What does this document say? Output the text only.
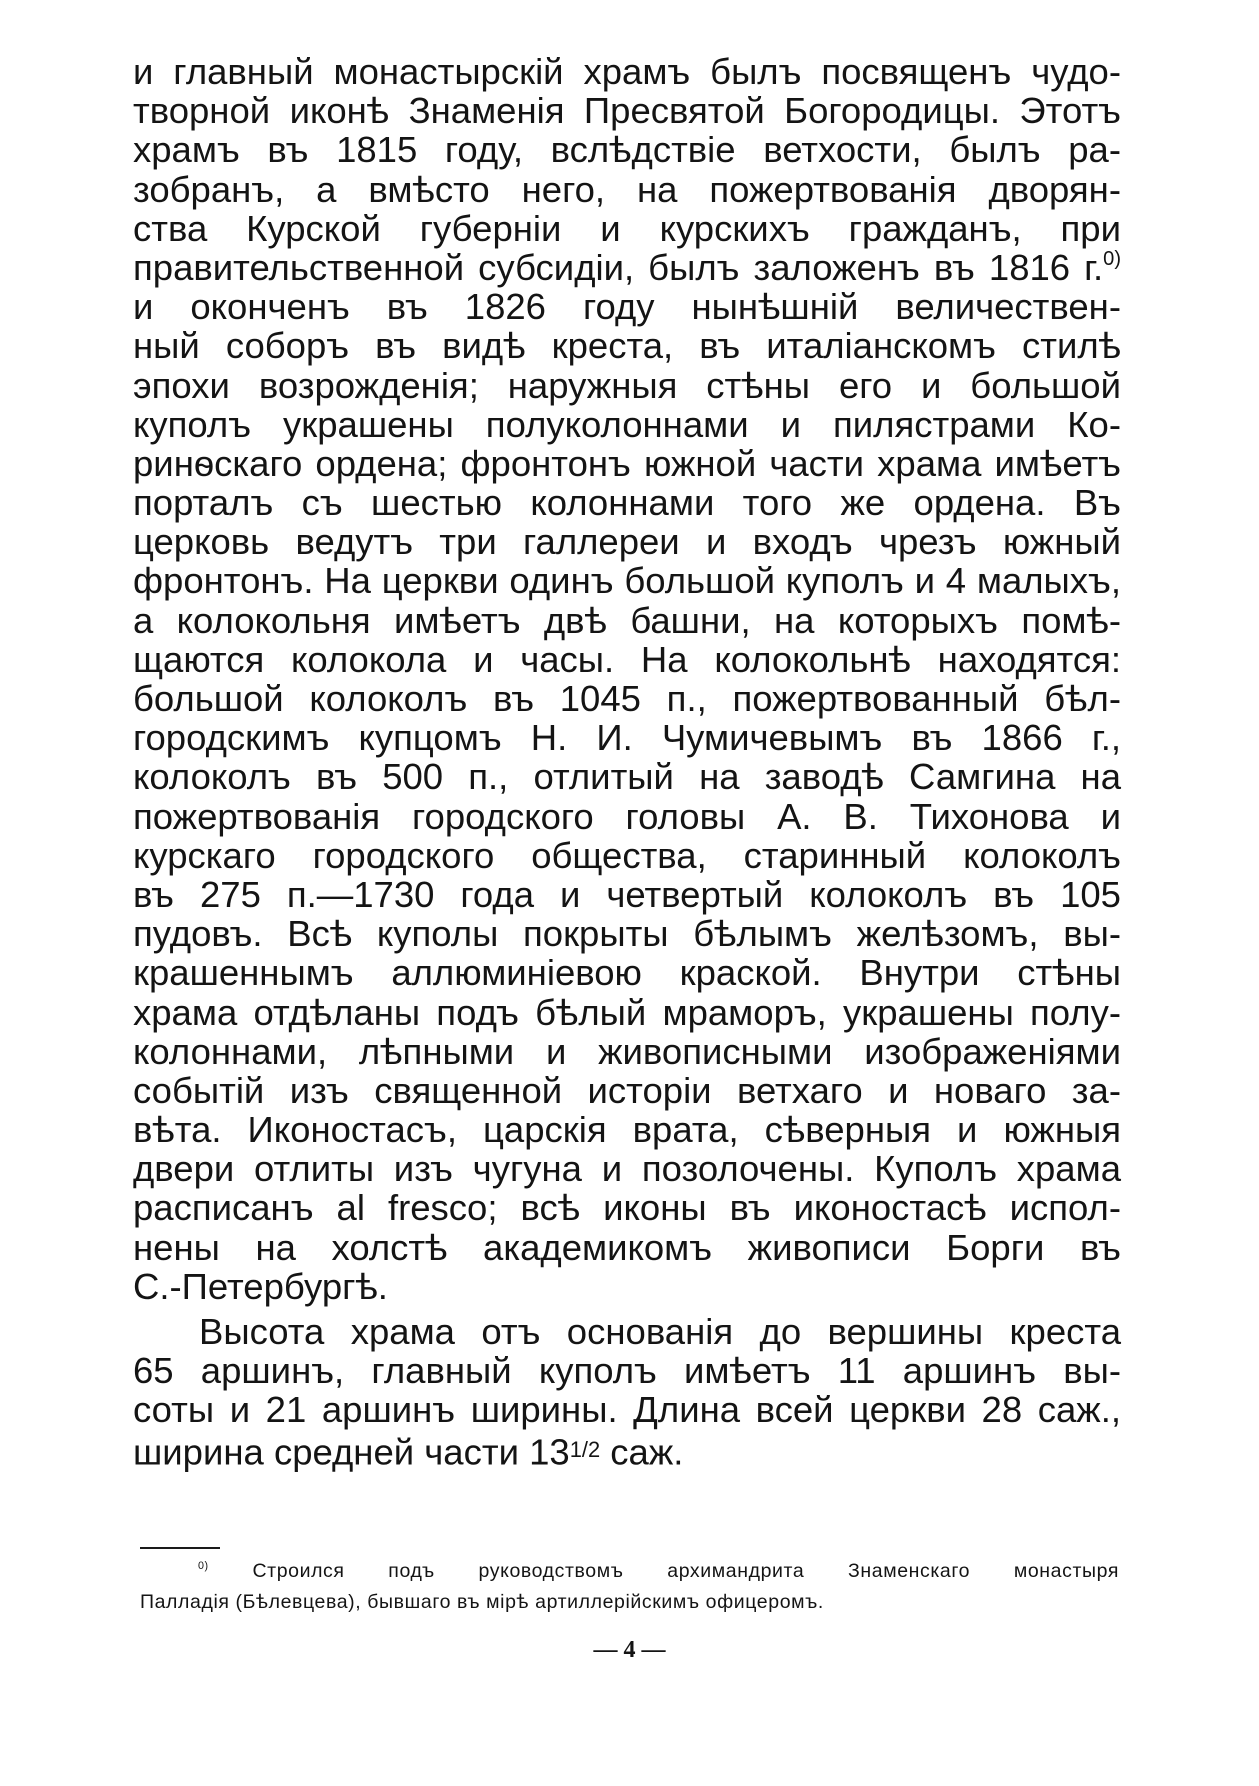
и главный монастырскій храмъ былъ посвященъ чудо-
творной иконѣ Знаменія Пресвятой Богородицы. Этотъ
храмъ въ 1815 году, вслѣдствіе ветхости, былъ ра-
зобранъ, а вмѣсто него, на пожертвованія дворян-
ства Курской губерніи и курскихъ гражданъ, при
правительственной субсидіи, былъ заложенъ въ 1816 г.$^{0)}$
и оконченъ въ 1826 году нынѣшній величествен-
ный соборъ въ видѣ креста, въ италіанскомъ стилѣ
эпохи возрожденія; наружныя стѣны его и большой
куполъ украшены полуколоннами и пилястрами Ко-
ринѳскаго ордена; фронтонъ южной части храма имѣетъ
порталъ съ шестью колоннами того же ордена. Въ
церковь ведутъ три галлереи и входъ чрезъ южный
фронтонъ. На церкви одинъ большой куполъ и 4 малыхъ,
а колокольня имѣетъ двѣ башни, на которыхъ помѣ-
щаются колокола и часы. На колокольнѣ находятся:
большой колоколъ въ 1045 п., пожертвованный бѣл-
городскимъ купцомъ Н. И. Чумичевымъ въ 1866 г.,
колоколъ въ 500 п., отлитый на заводѣ Самгина на
пожертвованія городского головы А. В. Тихонова и
курскаго городского общества, старинный колоколъ
въ 275 п.—1730 года и четвертый колоколъ въ 105
пудовъ. Всѣ куполы покрыты бѣлымъ желѣзомъ, вы-
крашеннымъ аллюминіевою краской. Внутри стѣны
храма отдѣланы подъ бѣлый мраморъ, украшены полу-
колоннами, лѣпными и живописными изображеніями
событій изъ священной исторіи ветхаго и новаго за-
вѣта. Иконостасъ, царскія врата, сѣверныя и южныя
двери отлиты изъ чугуна и позолочены. Куполъ храма
расписанъ al fresco; всѣ иконы въ иконостасѣ испол-
нены на холстѣ академикомъ живописи Борги въ
С.-Петербургѣ.
Высота храма отъ основанія до вершины креста
65 аршинъ, главный куполъ имѣетъ 11 аршинъ вы-
соты и 21 аршинъ ширины. Длина всей церкви 28 саж.,
ширина средней части $13^{1/2}$ саж.
$^{0)}$ Строился подъ руководствомъ архимандрита Знаменскаго монастыря
Палладія (Бѣлевцева), бывшаго въ мірѣ артиллерійскимъ офицеромъ.
— 4 —
